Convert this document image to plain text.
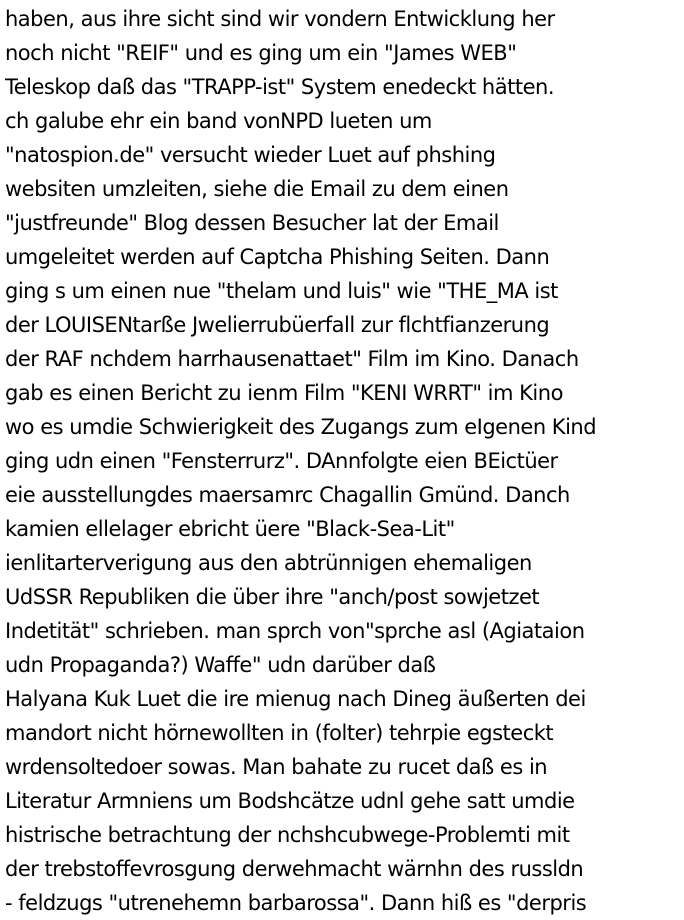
haben, aus ihre sicht sind wir vondern Entwicklung her
noch nicht "REIF" und es ging um ein "James WEB"
Teleskop daß das "TRAPP-ist" System enedeckt hätten.
ch galube ehr ein band vonNPD lueten um
"natospion.de" versucht wieder Luet auf phshing
websiten umzleiten, siehe die Email zu dem einen
"justfreunde" Blog dessen Besucher lat der Email
umgeleitet werden auf Captcha Phishing Seiten. Dann
ging s um einen nue "thelam und luis" wie "THE_MA ist
der LOUISENtarße Jwelierrubüerfall zur flchtfianzerung
der RAF nchdem harrhausenattaet" Film im Kino. Danach
gab es einen Bericht zu ienm Film "KENI WRRT" im Kino
wo es umdie Schwierigkeit des Zugangs zum eIgenen Kind
ging udn einen "Fensterrurz". DAnnfolgte eien BEictüer
eie ausstellungdes maersamrc Chagallin Gmünd. Danch
kamien ellelager ebricht üere "Black-Sea-Lit"
ienlitarterverigung aus den abtrünnigen ehemaligen
UdSSR Republiken die über ihre "anch/post sowjetzet
Indetität" schrieben. man sprch von"sprche asl (Agiataion
udn Propaganda?) Waffe" udn darüber daß
Halyana Kuk Luet die ire mienug nach Dineg äußerten dei
mandort nicht hörnewollten in (folter) tehrpie egsteckt
wrdensoltedoer sowas. Man bahate zu rucet daß es in
Literatur Armniens um Bodshcätze udnl gehe satt umdie
histrische betrachtung der nchshcubwege-Problemti mit
der trebstoffevrosgung derwehmacht wärnhn des russldn
- feldzugs "utrenehemn barbarossa". Dann hiß es "derpris
